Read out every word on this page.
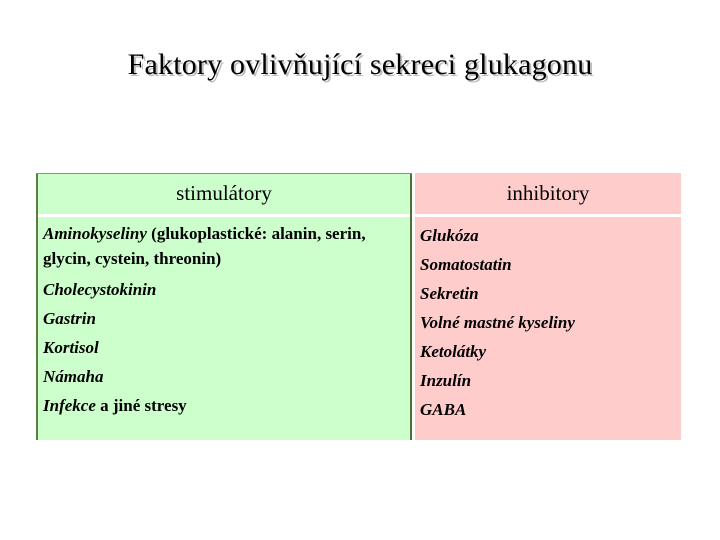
Faktory ovlivňující sekreci glukagonu
stimulátory
Aminokyseliny (glukoplastické: alanin, serin, glycin, cystein, threonin)
Cholecystokinin
Gastrin
Kortisol
Námaha
Infekce a jiné stresy
inhibitory
Glukóza
Somatostatin
Sekretin
Volné mastné kyseliny
Ketolátky
Inzulín
GABA
